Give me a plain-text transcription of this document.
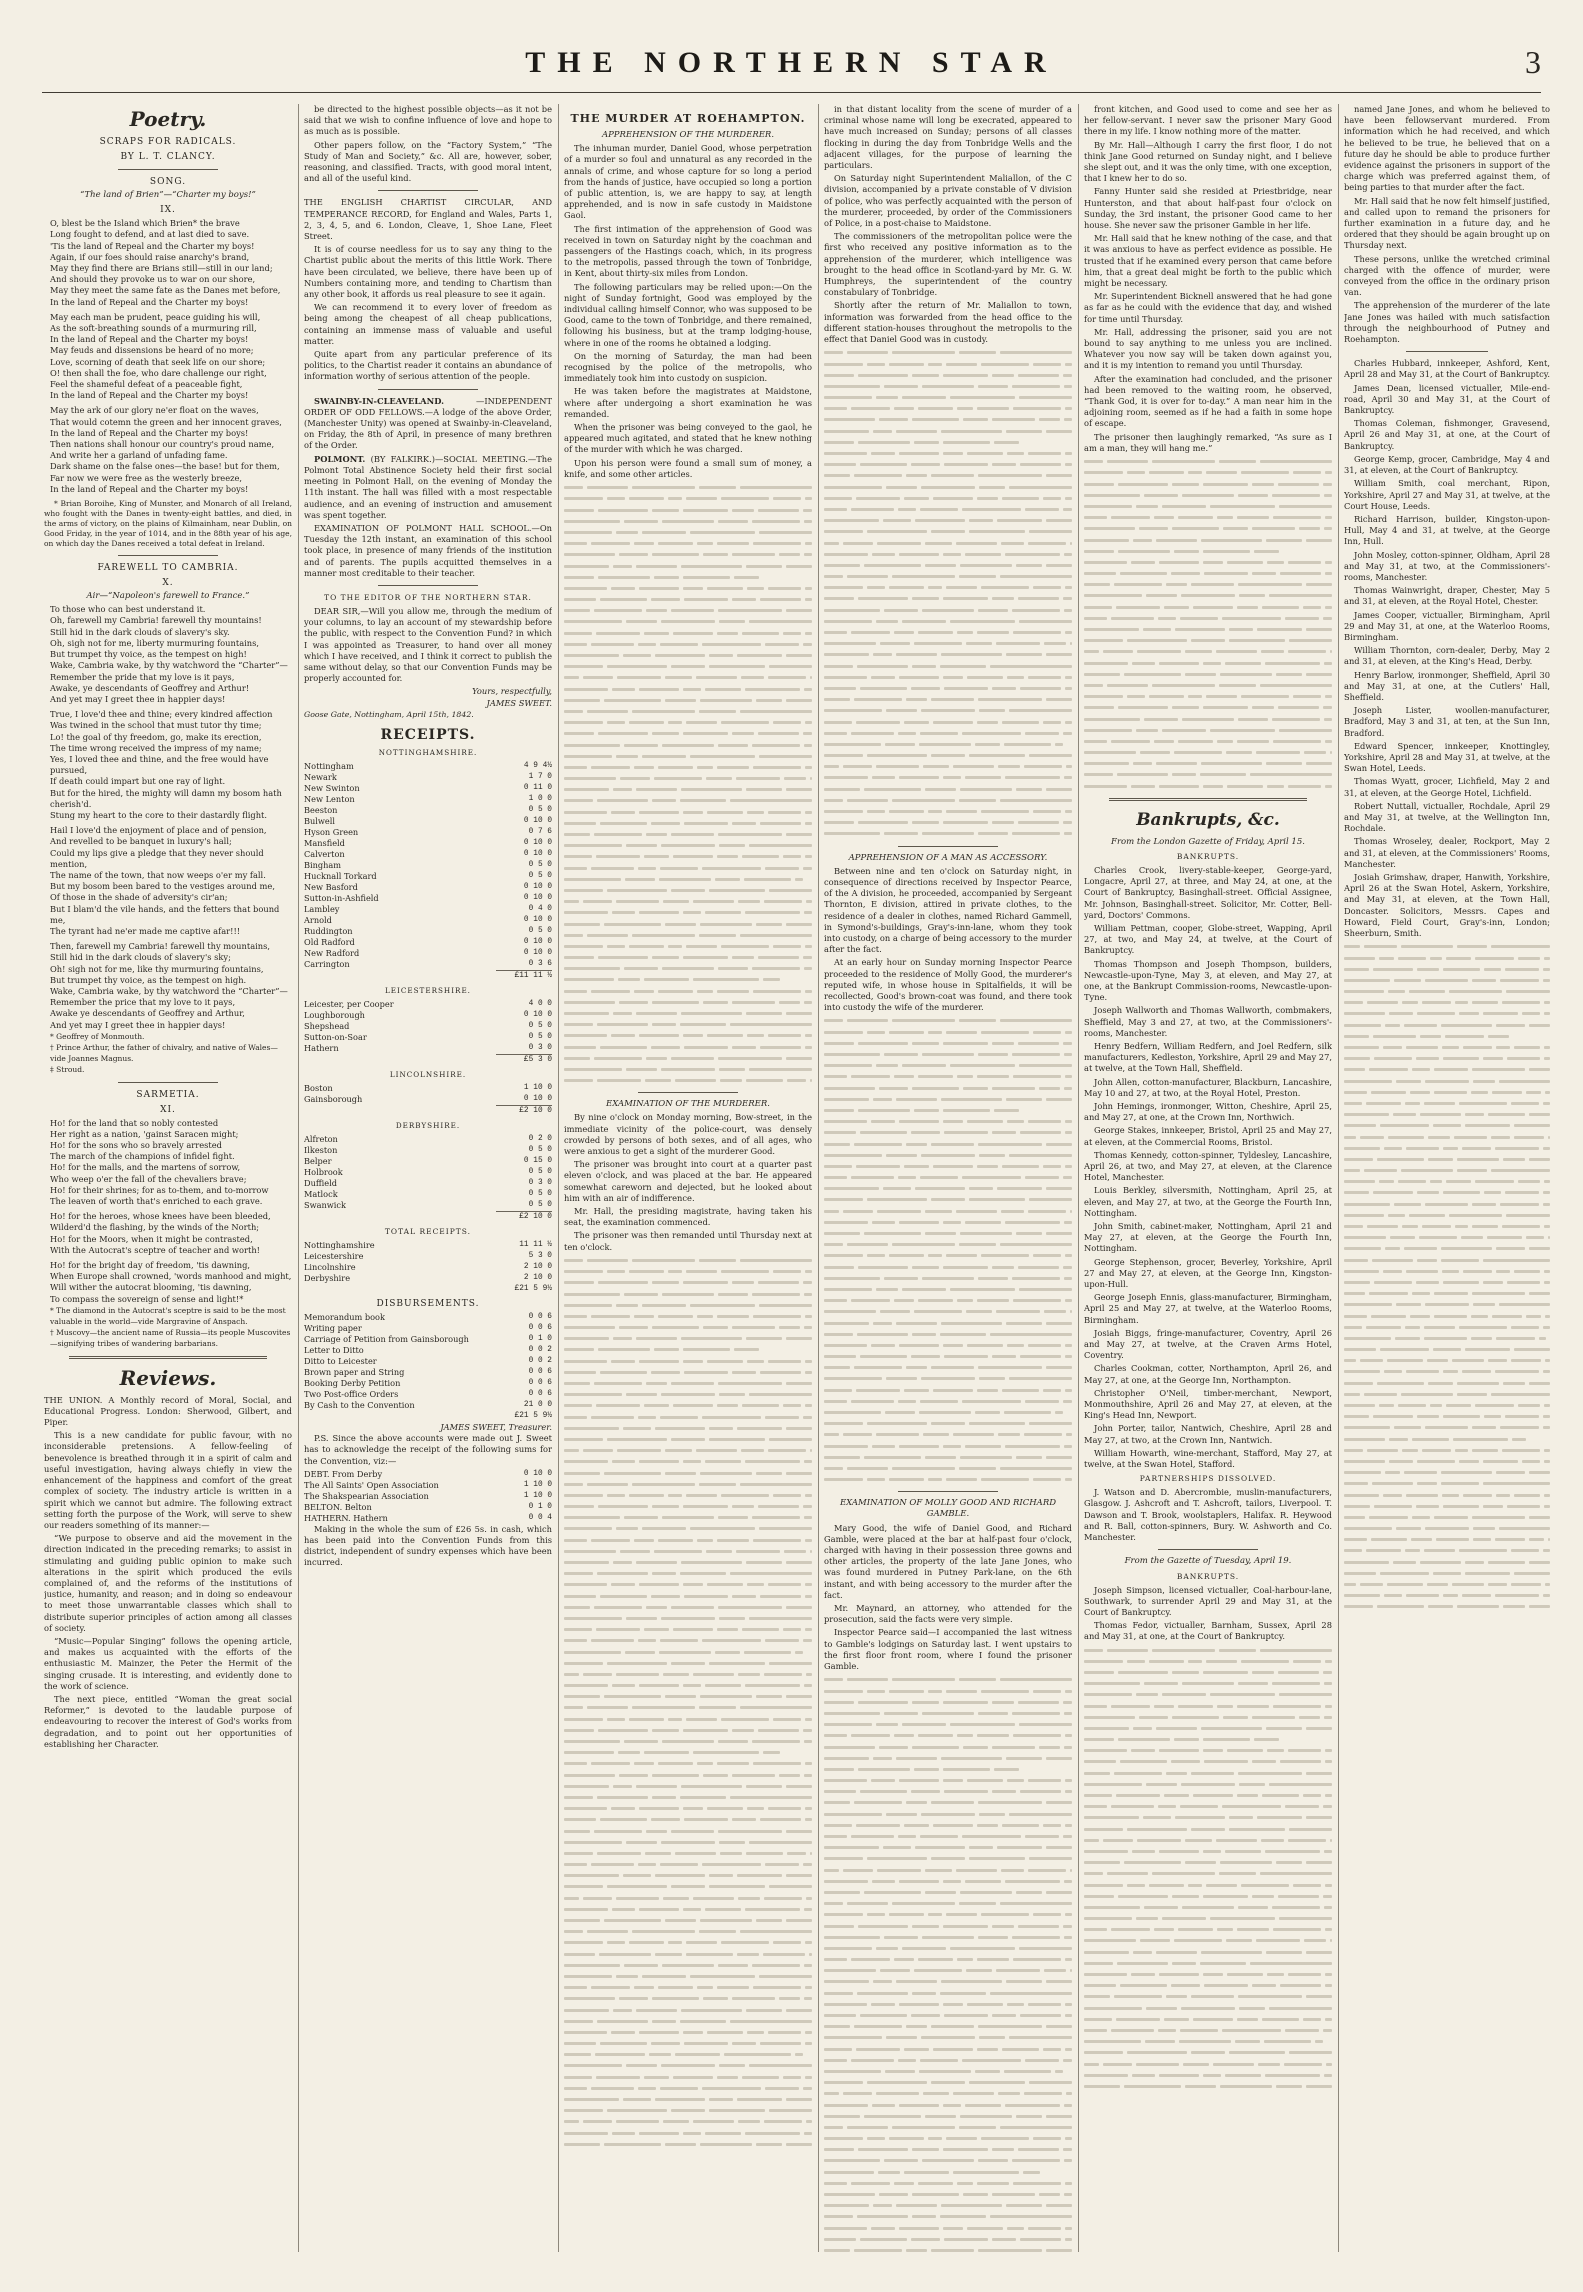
THE NORTHERN STAR	3
Poetry.
SCRAPS FOR RADICALS.
BY L. T. CLANCY.
SONG.
“The land of Brien”—“Charter my boys!”
IX.
O, blest be the Island which Brien* the brave
Long fought to defend, and at last died to save.
'Tis the land of Repeal and the Charter my boys!
Again, if our foes should raise anarchy's brand,
May they find there are Brians still—still in our land;
And should they provoke us to war on our shore,
May they meet the same fate as the Danes met before,
In the land of Repeal and the Charter my boys!
May each man be prudent, peace guiding his will,
As the soft-breathing sounds of a murmuring rill,
In the land of Repeal and the Charter my boys!
May feuds and dissensions be heard of no more;
Love, scorning of death that seek life on our shore;
O! then shall the foe, who dare challenge our right,
Feel the shameful defeat of a peaceable fight,
In the land of Repeal and the Charter my boys!
May the ark of our glory ne'er float on the waves,
That would cotemn the green and her innocent graves,
In the land of Repeal and the Charter my boys!
Then nations shall honour our country's proud name,
And write her a garland of unfading fame.
Dark shame on the false ones—the base! but for them,
Far now we were free as the westerly breeze,
In the land of Repeal and the Charter my boys!

* Brian Boroihe, King of Munster, and Monarch of all Ireland, who fought with the Danes in twenty-eight battles, and died, in the arms of victory, on the plains of Kilmainham, near Dublin, on Good Friday, in the year of 1014, and in the 88th year of his age, on which day the Danes received a total defeat in Ireland.

FAREWELL TO CAMBRIA.
X.
Air—“Napoleon's farewell to France.”
To those who can best understand it.
Oh, farewell my Cambria! farewell thy mountains!
Still hid in the dark clouds of slavery's sky.
Oh, sigh not for me, liberty murmuring fountains,
But trumpet thy voice, as the tempest on high!
Wake, Cambria wake, by thy watchword the “Charter”—
Remember the pride that my love is it pays,
Awake, ye descendants of Geoffrey and Arthur!
And yet may I greet thee in happier days!
True, I love'd thee and thine; every kindred affection
Was twined in the school that must tutor thy time;
Lo! the goal of thy freedom, go, make its erection,
The time wrong received the impress of my name;
Yes, I loved thee and thine, and the free would have
pursued,
If death could impart but one ray of light.
But for the hired, the mighty will damn my bosom hath
cherish'd.
Stung my heart to the core to their dastardly flight.
Hail I love'd the enjoyment of place and of pension,
And revelled to be banquet in luxury's hall;
Could my lips give a pledge that they never should mention,
The name of the town, that now weeps o'er my fall.
But my bosom been bared to the vestiges around me,
Of those in the shade of adversity's cir'an;
But I blam'd the vile hands, and the fetters that bound me,
The tyrant had ne'er made me captive afar!!!
Then, farewell my Cambria! farewell thy mountains,
Still hid in the dark clouds of slavery's sky;
Oh! sigh not for me, like thy murmuring fountains,
But trumpet thy voice, as the tempest on high.
Wake, Cambria wake, by thy watchword the “Charter”—
Remember the price that my love to it pays,
Awake ye descendants of Geoffrey and Arthur,
And yet may I greet thee in happier days!
* Geoffrey of Monmouth.
† Prince Arthur, the father of chivalry, and native of Wales—vide Joannes Magnus.
‡ Stroud.
SARMETIA.
XI.
Ho! for the land that so nobly contested
Her right as a nation, 'gainst Saracen might;
Ho! for the sons who so bravely arrested
The march of the champions of infidel fight.
Ho! for the malls, and the martens of sorrow,
Who weep o'er the fall of the chevaliers brave;
Ho! for their shrines; for as to-them, and to-morrow
The leaven of worth that's enriched to each grave.
Ho! for the heroes, whose knees have been bleeded,
Wilderd'd the flashing, by the winds of the North;
Ho! for the Moors, when it might be contrasted,
With the Autocrat's sceptre of teacher and worth!
Ho! for the bright day of freedom, 'tis dawning,
When Europe shall crowned, 'words manhood and might,
Will wither the autocrat blooming, 'tis dawning,
To compass the sovereign of sense and light!*
* The diamond in the Autocrat's sceptre is said to be the most valuable in the world—vide Margravine of Anspach.
† Muscovy—the ancient name of Russia—its people Muscovites—signifying tribes of wandering barbarians.
Reviews.

THE UNION. A Monthly record of Moral, Social, and Educational Progress. London: Sherwood, Gilbert, and Piper.

This is a new candidate for public favour, with no inconsiderable pretensions. A fellow-feeling of benevolence is breathed through it in a spirit of calm and useful investigation, having always chiefly in view the enhancement of the happiness and comfort of the great complex of society. The industry article is written in a spirit which we cannot but admire. The following extract setting forth the purpose of the Work, will serve to shew our readers something of its manner:—

“We purpose to observe and aid the movement in the direction indicated in the preceding remarks; to assist in stimulating and guiding public opinion to make such alterations in the spirit which produced the evils complained of, and the reforms of the institutions of justice, humanity, and reason; and in doing so endeavour to meet those unwarrantable classes which shall to distribute superior principles of action among all classes of society.

“Music—Popular Singing” follows the opening article, and makes us acquainted with the efforts of the enthusiastic M. Mainzer, the Peter the Hermit of the singing crusade. It is interesting, and evidently done to the work of science.

The next piece, entitled “Woman the great social Reformer,” is devoted to the laudable purpose of endeavouring to recover the interest of God's works from degradation, and to point out her opportunities of establishing her Character.

be directed to the highest possible objects—as it not be said that we wish to confine influence of love and hope to as much as is possible.

Other papers follow, on the “Factory System,” “The Study of Man and Society,” &c. All are, however, sober, reasoning, and classified. Tracts, with good moral intent, and all of the useful kind.

THE ENGLISH CHARTIST CIRCULAR, AND TEMPERANCE RECORD, for England and Wales, Parts 1, 2, 3, 4, 5, and 6. London, Cleave, 1, Shoe Lane, Fleet Street.

It is of course needless for us to say any thing to the Chartist public about the merits of this little Work. There have been circulated, we believe, there have been up of Numbers containing more, and tending to Chartism than any other book, it affords us real pleasure to see it again.

We can recommend it to every lover of freedom as being among the cheapest of all cheap publications, containing an immense mass of valuable and useful matter.

Quite apart from any particular preference of its politics, to the Chartist reader it contains an abundance of information worthy of serious attention of the people.

SWAINBY-IN-CLEAVELAND.	—INDEPENDENT ORDER OF ODD FELLOWS.—A lodge of the above Order, (Manchester Unity) was opened at Swainby-in-Cleaveland, on Friday, the 8th of April, in presence of many brethren of the Order.

POLMONT. (BY FALKIRK.)—SOCIAL MEETING.—The Polmont Total Abstinence Society held their first social meeting in Polmont Hall, on the evening of Monday the 11th instant. The hall was filled with a most respectable audience, and an evening of instruction and amusement was spent together.

EXAMINATION OF POLMONT HALL SCHOOL.—On Tuesday the 12th instant, an examination of this school took place, in presence of many friends of the institution and of parents. The pupils acquitted themselves in a manner most creditable to their teacher.

TO THE EDITOR OF THE NORTHERN STAR.

DEAR SIR,—Will you allow me, through the medium of your columns, to lay an account of my stewardship before the public, with respect to the Convention Fund? in which I was appointed as Treasurer, to hand over all money which I have received, and I think it correct to publish the same without delay, so that our Convention Funds may be properly accounted for.

Yours, respectfully,
JAMES SWEET.
Goose Gate, Nottingham, April 15th, 1842.
RECEIPTS.
NOTTINGHAMSHIRE.
Nottingham	4 9 4½
Newark	1 7 0
New Swinton	0 11 0
New Lenton	1 0 0
Beeston	0 5 0
Bulwell	0 10 0
Hyson Green	0 7 6
Mansfield	0 10 0
Calverton	0 10 0
Bingham	0 5 0
Hucknall Torkard	0 5 0
New Basford	0 10 0
Sutton-in-Ashfield	0 10 0
Lambley	0 4 0
Arnold	0 10 0
Ruddington	0 5 0
Old Radford	0 10 0
New Radford	0 10 0
Carrington	0 3 6
	£11 11 ½
LEICESTERSHIRE.
Leicester, per Cooper	4 0 0
Loughborough	0 10 0
Shepshead	0 5 0
Sutton-on-Soar	0 5 0
Hathern	0 3 0
	£5 3 0
LINCOLNSHIRE.
Boston	1 10 0
Gainsborough	0 10 0
	£2 10 0
DERBYSHIRE.
Alfreton	0 2 0
Ilkeston	0 5 0
Belper	0 15 0
Holbrook	0 5 0
Duffield	0 3 0
Matlock	0 5 0
Swanwick	0 5 0
	£2 10 0
TOTAL RECEIPTS.
Nottinghamshire	11 11 ½
Leicestershire	5 3 0
Lincolnshire	2 10 0
Derbyshire	2 10 0
	£21 5 9½
DISBURSEMENTS.
Memorandum book	0 0 6
Writing paper	0 0 6
Carriage of Petition from Gainsborough	0 1 0
Letter to Ditto	0 0 2
Ditto to Leicester	0 0 2
Brown paper and String	0 0 6
Booking Derby Petition	0 0 6
Two Post-office Orders	0 0 6
By Cash to the Convention	21 0 0
	£21 5 9½
JAMES SWEET, Treasurer.

P.S. Since the above accounts were made out J. Sweet has to acknowledge the receipt of the following sums for the Convention, viz:—

DEBT. From Derby	0 10 0
The All Saints' Open Association	1 10 0
The Shakspearian Association	1 10 0
BELTON. Belton	0 1 0
HATHERN. Hathern	0 0 4

Making in the whole the sum of £26 5s. in cash, which has been paid into the Convention Funds from this district, independent of sundry expenses which have been incurred.

THE MURDER AT ROEHAMPTON.
APPREHENSION OF THE MURDERER.

The inhuman murder, Daniel Good, whose perpetration of a murder so foul and unnatural as any recorded in the annals of crime, and whose capture for so long a period from the hands of justice, have occupied so long a portion of public attention, is, we are happy to say, at length apprehended, and is now in safe custody in Maidstone Gaol.

The first intimation of the apprehension of Good was received in town on Saturday night by the coachman and passengers of the Hastings coach, which, in its progress to the metropolis, passed through the town of Tonbridge, in Kent, about thirty-six miles from London.

The following particulars may be relied upon:—On the night of Sunday fortnight, Good was employed by the individual calling himself Connor, who was supposed to be Good, came to the town of Tonbridge, and there remained, following his business, but at the tramp lodging-house, where in one of the rooms he obtained a lodging.

On the morning of Saturday, the man had been recognised by the police of the metropolis, who immediately took him into custody on suspicion.

He was taken before the magistrates at Maidstone, where after undergoing a short examination he was remanded.

When the prisoner was being conveyed to the gaol, he appeared much agitated, and stated that he knew nothing of the murder with which he was charged.

Upon his person were found a small sum of money, a knife, and some other articles.

EXAMINATION OF THE MURDERER.

By nine o'clock on Monday morning, Bow-street, in the immediate vicinity of the police-court, was densely crowded by persons of both sexes, and of all ages, who were anxious to get a sight of the murderer Good.

The prisoner was brought into court at a quarter past eleven o'clock, and was placed at the bar. He appeared somewhat careworn and dejected, but he looked about him with an air of indifference.

Mr. Hall, the presiding magistrate, having taken his seat, the examination commenced.

The prisoner was then remanded until Thursday next at ten o'clock.

in that distant locality from the scene of murder of a criminal whose name will long be execrated, appeared to have much increased on Sunday; persons of all classes flocking in during the day from Tonbridge Wells and the adjacent villages, for the purpose of learning the particulars.

On Saturday night Superintendent Maliallon, of the C division, accompanied by a private constable of V division of police, who was perfectly acquainted with the person of the murderer, proceeded, by order of the Commissioners of Police, in a post-chaise to Maidstone.

The commissioners of the metropolitan police were the first who received any positive information as to the apprehension of the murderer, which intelligence was brought to the head office in Scotland-yard by Mr. G. W. Humphreys, the superintendent of the country constabulary of Tonbridge.

Shortly after the return of Mr. Maliallon to town, information was forwarded from the head office to the different station-houses throughout the metropolis to the effect that Daniel Good was in custody.

APPREHENSION OF A MAN AS ACCESSORY.

Between nine and ten o'clock on Saturday night, in consequence of directions received by Inspector Pearce, of the A division, he proceeded, accompanied by Sergeant Thornton, E division, attired in private clothes, to the residence of a dealer in clothes, named Richard Gammell, in Symond's-buildings, Gray's-inn-lane, whom they took into custody, on a charge of being accessory to the murder after the fact.

At an early hour on Sunday morning Inspector Pearce proceeded to the residence of Molly Good, the murderer's reputed wife, in whose house in Spitalfields, it will be recollected, Good's brown-coat was found, and there took into custody the wife of the murderer.

EXAMINATION OF MOLLY GOOD AND RICHARD GAMBLE.

Mary Good, the wife of Daniel Good, and Richard Gamble, were placed at the bar at half-past four o'clock, charged with having in their possession three gowns and other articles, the property of the late Jane Jones, who was found murdered in Putney Park-lane, on the 6th instant, and with being accessory to the murder after the fact.

Mr. Maynard, an attorney, who attended for the prosecution, said the facts were very simple.

Inspector Pearce said—I accompanied the last witness to Gamble's lodgings on Saturday last. I went upstairs to the first floor front room, where I found the prisoner Gamble.

front kitchen, and Good used to come and see her as her fellow-servant. I never saw the prisoner Mary Good there in my life. I know nothing more of the matter.

By Mr. Hall—Although I carry the first floor, I do not think Jane Good returned on Sunday night, and I believe she slept out, and it was the only time, with one exception, that I knew her to do so.

Fanny Hunter said she resided at Priestbridge, near Hunterston, and that about half-past four o'clock on Sunday, the 3rd instant, the prisoner Good came to her house. She never saw the prisoner Gamble in her life.

Mr. Hall said that he knew nothing of the case, and that it was anxious to have as perfect evidence as possible. He trusted that if he examined every person that came before him, that a great deal might be forth to the public which might be necessary.

Mr. Superintendent Bicknell answered that he had gone as far as he could with the evidence that day, and wished for time until Thursday.

Mr. Hall, addressing the prisoner, said you are not bound to say anything to me unless you are inclined. Whatever you now say will be taken down against you, and it is my intention to remand you until Thursday.

After the examination had concluded, and the prisoner had been removed to the waiting room, he observed, “Thank God, it is over for to-day.” A man near him in the adjoining room, seemed as if he had a faith in some hope of escape.

The prisoner then laughingly remarked, “As sure as I am a man, they will hang me.”

Bankrupts, &c.
From the London Gazette of Friday, April 15.
BANKRUPTS.

Charles Crook, livery-stable-keeper, George-yard, Longacre, April 27, at three, and May 24, at one, at the Court of Bankruptcy, Basinghall-street. Official Assignee, Mr. Johnson, Basinghall-street. Solicitor, Mr. Cotter, Bell-yard, Doctors' Commons.

William Pettman, cooper, Globe-street, Wapping, April 27, at two, and May 24, at twelve, at the Court of Bankruptcy.

Thomas Thompson and Joseph Thompson, builders, Newcastle-upon-Tyne, May 3, at eleven, and May 27, at one, at the Bankrupt Commission-rooms, Newcastle-upon-Tyne.

Joseph Wallworth and Thomas Wallworth, combmakers, Sheffield, May 3 and 27, at two, at the Commissioners'-rooms, Manchester.

Henry Bedfern, William Redfern, and Joel Redfern, silk manufacturers, Kedleston, Yorkshire, April 29 and May 27, at twelve, at the Town Hall, Sheffield.

John Allen, cotton-manufacturer, Blackburn, Lancashire, May 10 and 27, at two, at the Royal Hotel, Preston.

John Hemings, ironmonger, Witton, Cheshire, April 25, and May 27, at one, at the Crown Inn, Northwich.

George Stakes, innkeeper, Bristol, April 25 and May 27, at eleven, at the Commercial Rooms, Bristol.

Thomas Kennedy, cotton-spinner, Tyldesley, Lancashire, April 26, at two, and May 27, at eleven, at the Clarence Hotel, Manchester.

Louis Berkley, silversmith, Nottingham, April 25, at eleven, and May 27, at two, at the George the Fourth Inn, Nottingham.

John Smith, cabinet-maker, Nottingham, April 21 and May 27, at eleven, at the George the Fourth Inn, Nottingham.

George Stephenson, grocer, Beverley, Yorkshire, April 27 and May 27, at eleven, at the George Inn, Kingston-upon-Hull.

George Joseph Ennis, glass-manufacturer, Birmingham, April 25 and May 27, at twelve, at the Waterloo Rooms, Birmingham.

Josiah Biggs, fringe-manufacturer, Coventry, April 26 and May 27, at twelve, at the Craven Arms Hotel, Coventry.

Charles Cookman, cotter, Northampton, April 26, and May 27, at one, at the George Inn, Northampton.

Christopher O'Neil, timber-merchant, Newport, Monmouthshire, April 26 and May 27, at eleven, at the King's Head Inn, Newport.

John Porter, tailor, Nantwich, Cheshire, April 28 and May 27, at two, at the Crown Inn, Nantwich.

William Howarth, wine-merchant, Stafford, May 27, at twelve, at the Swan Hotel, Stafford.

PARTNERSHIPS DISSOLVED.

J. Watson and D. Abercrombie, muslin-manufacturers, Glasgow. J. Ashcroft and T. Ashcroft, tailors, Liverpool. T. Dawson and T. Brook, woolstaplers, Halifax. R. Heywood and R. Ball, cotton-spinners, Bury. W. Ashworth and Co. Manchester.

From the Gazette of Tuesday, April 19.
BANKRUPTS.

Joseph Simpson, licensed victualler, Coal-harbour-lane, Southwark, to surrender April 29 and May 31, at the Court of Bankruptcy.

Thomas Fedor, victualler, Barnham, Sussex, April 28 and May 31, at one, at the Court of Bankruptcy.

named Jane Jones, and whom he believed to have been fellowservant murdered. From information which he had received, and which he believed to be true, he believed that on a future day he should be able to produce further evidence against the prisoners in support of the charge which was preferred against them, of being parties to that murder after the fact.

Mr. Hall said that he now felt himself justified, and called upon to remand the prisoners for further examination in a future day, and he ordered that they should be again brought up on Thursday next.

These persons, unlike the wretched criminal charged with the offence of murder, were conveyed from the office in the ordinary prison van.

The apprehension of the murderer of the late Jane Jones was hailed with much satisfaction through the neighbourhood of Putney and Roehampton.

Charles Hubbard, innkeeper, Ashford, Kent, April 28 and May 31, at the Court of Bankruptcy.

James Dean, licensed victualler, Mile-end-road, April 30 and May 31, at the Court of Bankruptcy.

Thomas Coleman, fishmonger, Gravesend, April 26 and May 31, at one, at the Court of Bankruptcy.

George Kemp, grocer, Cambridge, May 4 and 31, at eleven, at the Court of Bankruptcy.

William Smith, coal merchant, Ripon, Yorkshire, April 27 and May 31, at twelve, at the Court House, Leeds.

Richard Harrison, builder, Kingston-upon-Hull, May 4 and 31, at twelve, at the George Inn, Hull.

John Mosley, cotton-spinner, Oldham, April 28 and May 31, at two, at the Commissioners'-rooms, Manchester.

Thomas Wainwright, draper, Chester, May 5 and 31, at eleven, at the Royal Hotel, Chester.

James Cooper, victualler, Birmingham, April 29 and May 31, at one, at the Waterloo Rooms, Birmingham.

William Thornton, corn-dealer, Derby, May 2 and 31, at eleven, at the King's Head, Derby.

Henry Barlow, ironmonger, Sheffield, April 30 and May 31, at one, at the Cutlers' Hall, Sheffield.

Joseph Lister, woollen-manufacturer, Bradford, May 3 and 31, at ten, at the Sun Inn, Bradford.

Edward Spencer, innkeeper, Knottingley, Yorkshire, April 28 and May 31, at twelve, at the Swan Hotel, Leeds.

Thomas Wyatt, grocer, Lichfield, May 2 and 31, at eleven, at the George Hotel, Lichfield.

Robert Nuttall, victualler, Rochdale, April 29 and May 31, at twelve, at the Wellington Inn, Rochdale.

Thomas Wroseley, dealer, Rockport, May 2 and 31, at eleven, at the Commissioners' Rooms, Manchester.

Josiah Grimshaw, draper, Hanwith, Yorkshire, April 26 at the Swan Hotel, Askern, Yorkshire, and May 31, at eleven, at the Town Hall, Doncaster. Solicitors, Messrs. Capes and Howard, Field Court, Gray's-inn, London; Sheerburn, Smith.
